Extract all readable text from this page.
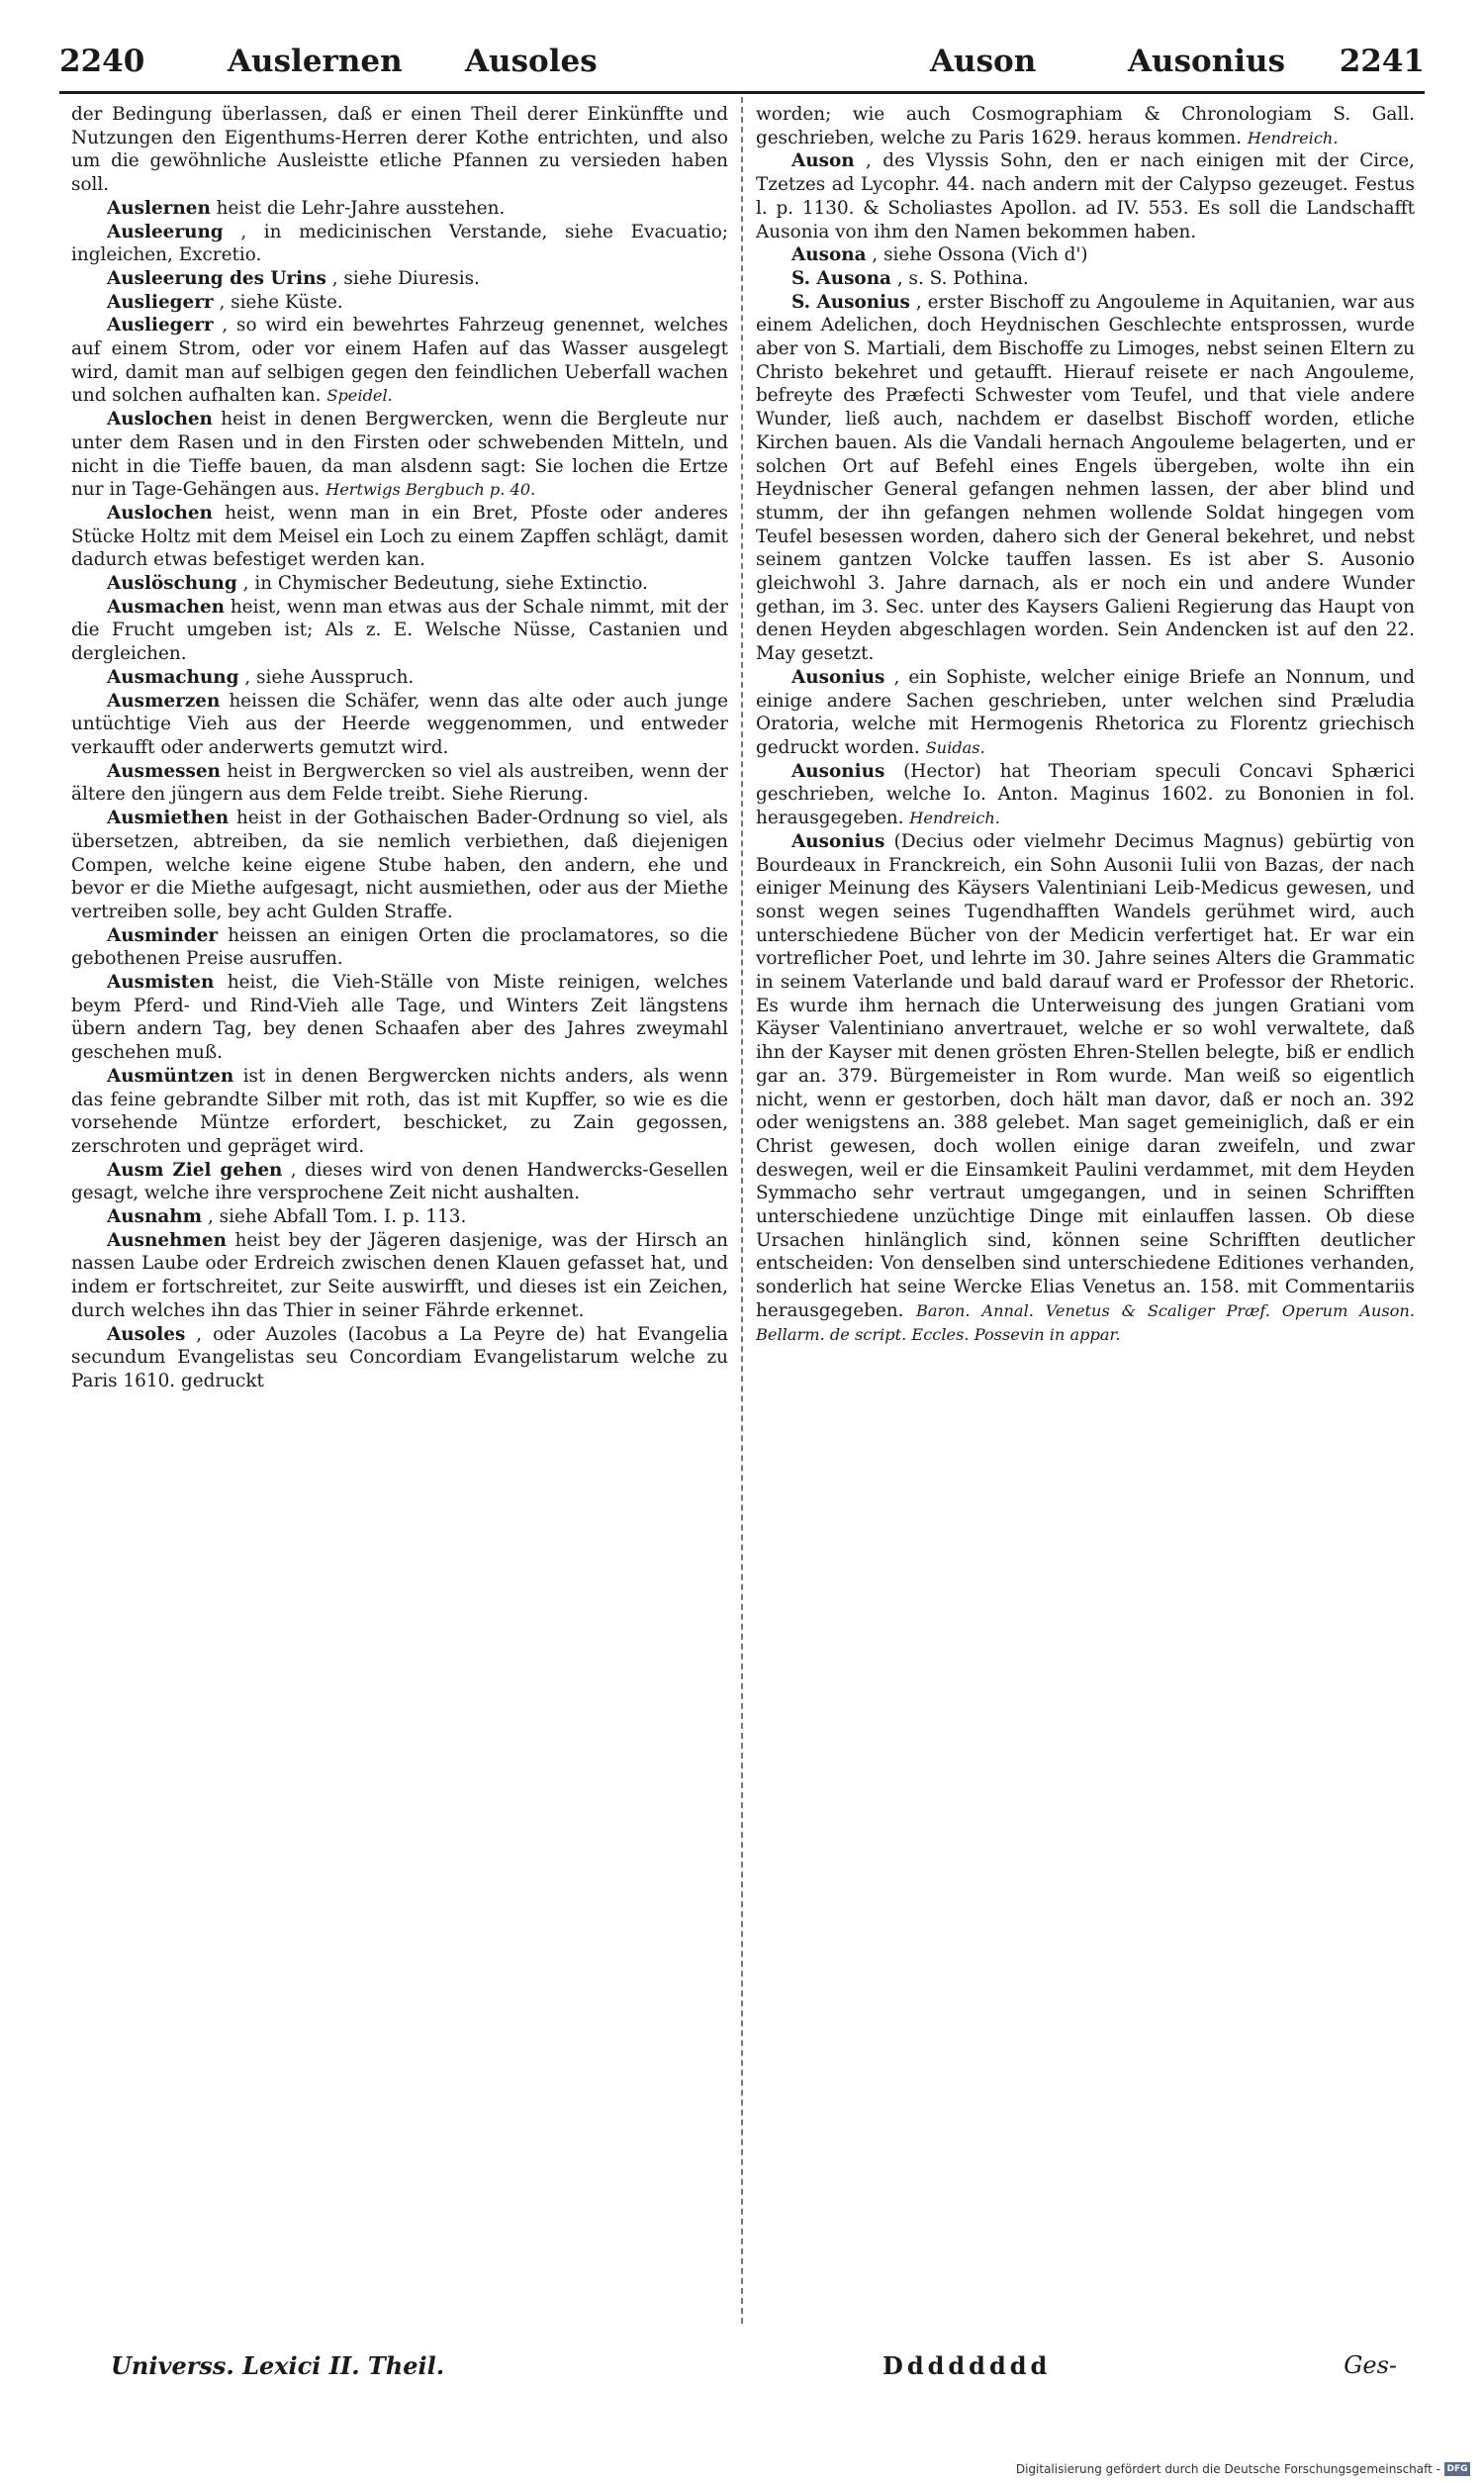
2240	Auslernen Ausoles	Auson	Ausonius 2241

der Bedingung überlassen, daß er einen Theil derer Einkünffte und Nutzungen den Eigenthums-Herren derer Kothe entrichten, und also um die gewöhnliche Ausleistte etliche Pfannen zu versieden haben soll.

Auslernen heist die Lehr-Jahre ausstehen.

Ausleerung , in medicinischen Verstande, siehe Evacuatio; ingleichen, Excretio.

Ausleerung des Urins , siehe Diuresis.

Ausliegerr , siehe Küste.

Ausliegerr , so wird ein bewehrtes Fahrzeug genennet, welches auf einem Strom, oder vor einem Hafen auf das Wasser ausgelegt wird, damit man auf selbigen gegen den feindlichen Ueberfall wachen und solchen aufhalten kan. Speidel.

Auslochen heist in denen Bergwercken, wenn die Bergleute nur unter dem Rasen und in den Firsten oder schwebenden Mitteln, und nicht in die Tieffe bauen, da man alsdenn sagt: Sie lochen die Ertze nur in Tage-Gehängen aus. Hertwigs Bergbuch p. 40.

Auslochen heist, wenn man in ein Bret, Pfoste oder anderes Stücke Holtz mit dem Meisel ein Loch zu einem Zapffen schlägt, damit dadurch etwas befestiget werden kan.

Auslöschung , in Chymischer Bedeutung, siehe Extinctio.

Ausmachen heist, wenn man etwas aus der Schale nimmt, mit der die Frucht umgeben ist; Als z. E. Welsche Nüsse, Castanien und dergleichen.

Ausmachung , siehe Ausspruch.

Ausmerzen heissen die Schäfer, wenn das alte oder auch junge untüchtige Vieh aus der Heerde weggenommen, und entweder verkaufft oder anderwerts gemutzt wird.

Ausmessen heist in Bergwercken so viel als austreiben, wenn der ältere den jüngern aus dem Felde treibt. Siehe Rierung.

Ausmiethen heist in der Gothaischen Bader-Ordnung so viel, als übersetzen, abtreiben, da sie nemlich verbiethen, daß diejenigen Compen, welche keine eigene Stube haben, den andern, ehe und bevor er die Miethe aufgesagt, nicht ausmiethen, oder aus der Miethe vertreiben solle, bey acht Gulden Straffe.

Ausminder heissen an einigen Orten die proclamatores, so die gebothenen Preise ausruffen.

Ausmisten heist, die Vieh-Ställe von Miste reinigen, welches beym Pferd- und Rind-Vieh alle Tage, und Winters Zeit längstens übern andern Tag, bey denen Schaafen aber des Jahres zweymahl geschehen muß.

Ausmüntzen ist in denen Bergwercken nichts anders, als wenn das feine gebrandte Silber mit roth, das ist mit Kupffer, so wie es die vorsehende Müntze erfordert, beschicket, zu Zain gegossen, zerschroten und gepräget wird.

Ausm Ziel gehen , dieses wird von denen Handwercks-Gesellen gesagt, welche ihre versprochene Zeit nicht aushalten.

Ausnahm , siehe Abfall Tom. I. p. 113.

Ausnehmen heist bey der Jägeren dasjenige, was der Hirsch an nassen Laube oder Erdreich zwischen denen Klauen gefasset hat, und indem er fortschreitet, zur Seite auswirfft, und dieses ist ein Zeichen, durch welches ihn das Thier in seiner Fährde erkennet.

Ausoles , oder Auzoles (Iacobus a La Peyre de) hat Evangelia secundum Evangelistas seu Concordiam Evangelistarum welche zu Paris 1610. gedruckt

worden; wie auch Cosmographiam & Chronologiam S. Gall. geschrieben, welche zu Paris 1629. heraus kommen. Hendreich.

Auson , des Vlyssis Sohn, den er nach einigen mit der Circe, Tzetzes ad Lycophr. 44. nach andern mit der Calypso gezeuget. Festus l. p. 1130. & Scholiastes Apollon. ad IV. 553. Es soll die Landschafft Ausonia von ihm den Namen bekommen haben.

Ausona , siehe Ossona (Vich d')

S. Ausona , s. S. Pothina.

S. Ausonius , erster Bischoff zu Angouleme in Aquitanien, war aus einem Adelichen, doch Heydnischen Geschlechte entsprossen, wurde aber von S. Martiali, dem Bischoffe zu Limoges, nebst seinen Eltern zu Christo bekehret und getaufft. Hierauf reisete er nach Angouleme, befreyte des Præfecti Schwester vom Teufel, und that viele andere Wunder, ließ auch, nachdem er daselbst Bischoff worden, etliche Kirchen bauen. Als die Vandali hernach Angouleme belagerten, und er solchen Ort auf Befehl eines Engels übergeben, wolte ihn ein Heydnischer General gefangen nehmen lassen, der aber blind und stumm, der ihn gefangen nehmen wollende Soldat hingegen vom Teufel besessen worden, dahero sich der General bekehret, und nebst seinem gantzen Volcke tauffen lassen. Es ist aber S. Ausonio gleichwohl 3. Jahre darnach, als er noch ein und andere Wunder gethan, im 3. Sec. unter des Kaysers Galieni Regierung das Haupt von denen Heyden abgeschlagen worden. Sein Andencken ist auf den 22. May gesetzt.

Ausonius , ein Sophiste, welcher einige Briefe an Nonnum, und einige andere Sachen geschrieben, unter welchen sind Præludia Oratoria, welche mit Hermogenis Rhetorica zu Florentz griechisch gedruckt worden. Suidas.

Ausonius (Hector) hat Theoriam speculi Concavi Sphærici geschrieben, welche Io. Anton. Maginus 1602. zu Bononien in fol. herausgegeben. Hendreich.

Ausonius (Decius oder vielmehr Decimus Magnus) gebürtig von Bourdeaux in Franckreich, ein Sohn Ausonii Iulii von Bazas, der nach einiger Meinung des Käysers Valentiniani Leib-Medicus gewesen, und sonst wegen seines Tugendhafften Wandels gerühmet wird, auch unterschiedene Bücher von der Medicin verfertiget hat. Er war ein vortreflicher Poet, und lehrte im 30. Jahre seines Alters die Grammatic in seinem Vaterlande und bald darauf ward er Professor der Rhetoric. Es wurde ihm hernach die Unterweisung des jungen Gratiani vom Käyser Valentiniano anvertrauet, welche er so wohl verwaltete, daß ihn der Kayser mit denen grösten Ehren-Stellen belegte, biß er endlich gar an. 379. Bürgemeister in Rom wurde. Man weiß so eigentlich nicht, wenn er gestorben, doch hält man davor, daß er noch an. 392 oder wenigstens an. 388 gelebet. Man saget gemeiniglich, daß er ein Christ gewesen, doch wollen einige daran zweifeln, und zwar deswegen, weil er die Einsamkeit Paulini verdammet, mit dem Heyden Symmacho sehr vertraut umgegangen, und in seinen Schrifften unterschiedene unzüchtige Dinge mit einlauffen lassen. Ob diese Ursachen hinlänglich sind, können seine Schrifften deutlicher entscheiden: Von denselben sind unterschiedene Editiones verhanden, sonderlich hat seine Wercke Elias Venetus an. 158. mit Commentariis herausgegeben. Baron. Annal. Venetus & Scaliger Præf. Operum Auson. Bellarm. de script. Eccles. Possevin in appar.

Universs. Lexici II. Theil.	Dddddddd	Ges-
Digitalisierung gefördert durch die Deutsche Forschungsgemeinschaft - DFG
